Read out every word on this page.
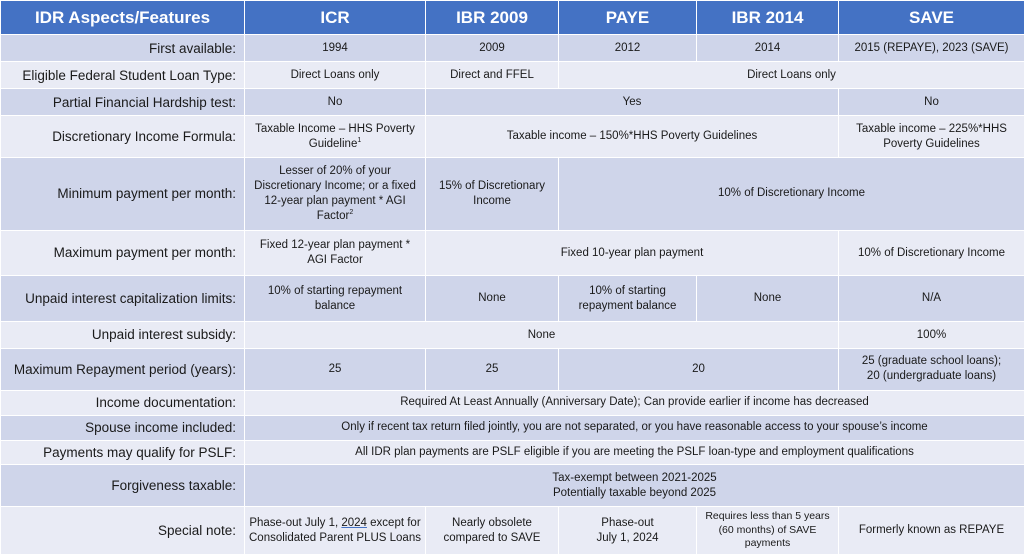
IDR Aspects/Features	ICR	IBR 2009	PAYE	IBR 2014	SAVE
First available:	1994	2009	2012	2014	2015 (REPAYE), 2023 (SAVE)
Eligible Federal Student Loan Type:	Direct Loans only	Direct and FFEL	Direct Loans only		
Partial Financial Hardship test:	No	Yes			No
Discretionary Income Formula:	Taxable Income – HHS Poverty Guideline$^1$	Taxable income – 150%*HHS Poverty Guidelines			Taxable income – 225%*HHS Poverty Guidelines
Minimum payment per month:	Lesser of 20% of your Discretionary Income; or a fixed 12-year plan payment * AGI Factor$^2$	15% of Discretionary Income	10% of Discretionary Income		
Maximum payment per month:	Fixed 12-year plan payment * AGI Factor	Fixed 10-year plan payment			10% of Discretionary Income
Unpaid interest capitalization limits:	10% of starting repayment balance	None	10% of starting repayment balance	None	N/A
Unpaid interest subsidy:	None				100%
Maximum Repayment period (years):	25	25	20		25 (graduate school loans);
20 (undergraduate loans)

Income documentation:	Required At Least Annually (Anniversary Date); Can provide earlier if income has decreased				
Spouse income included:	Only if recent tax return filed jointly, you are not separated, or you have reasonable access to your spouse’s income				
Payments may qualify for PSLF:	All IDR plan payments are PSLF eligible if you are meeting the PSLF loan-type and employment qualifications				
Forgiveness taxable:	Tax-exempt between 2021-2025
Potentially taxable beyond 2025				

Special note:	Phase-out July 1, 2024 except for Consolidated Parent PLUS Loans	Nearly obsolete compared to SAVE	Phase-out
July 1, 2024	Requires less than 5 years (60 months) of SAVE payments	Formerly known as REPAYE
